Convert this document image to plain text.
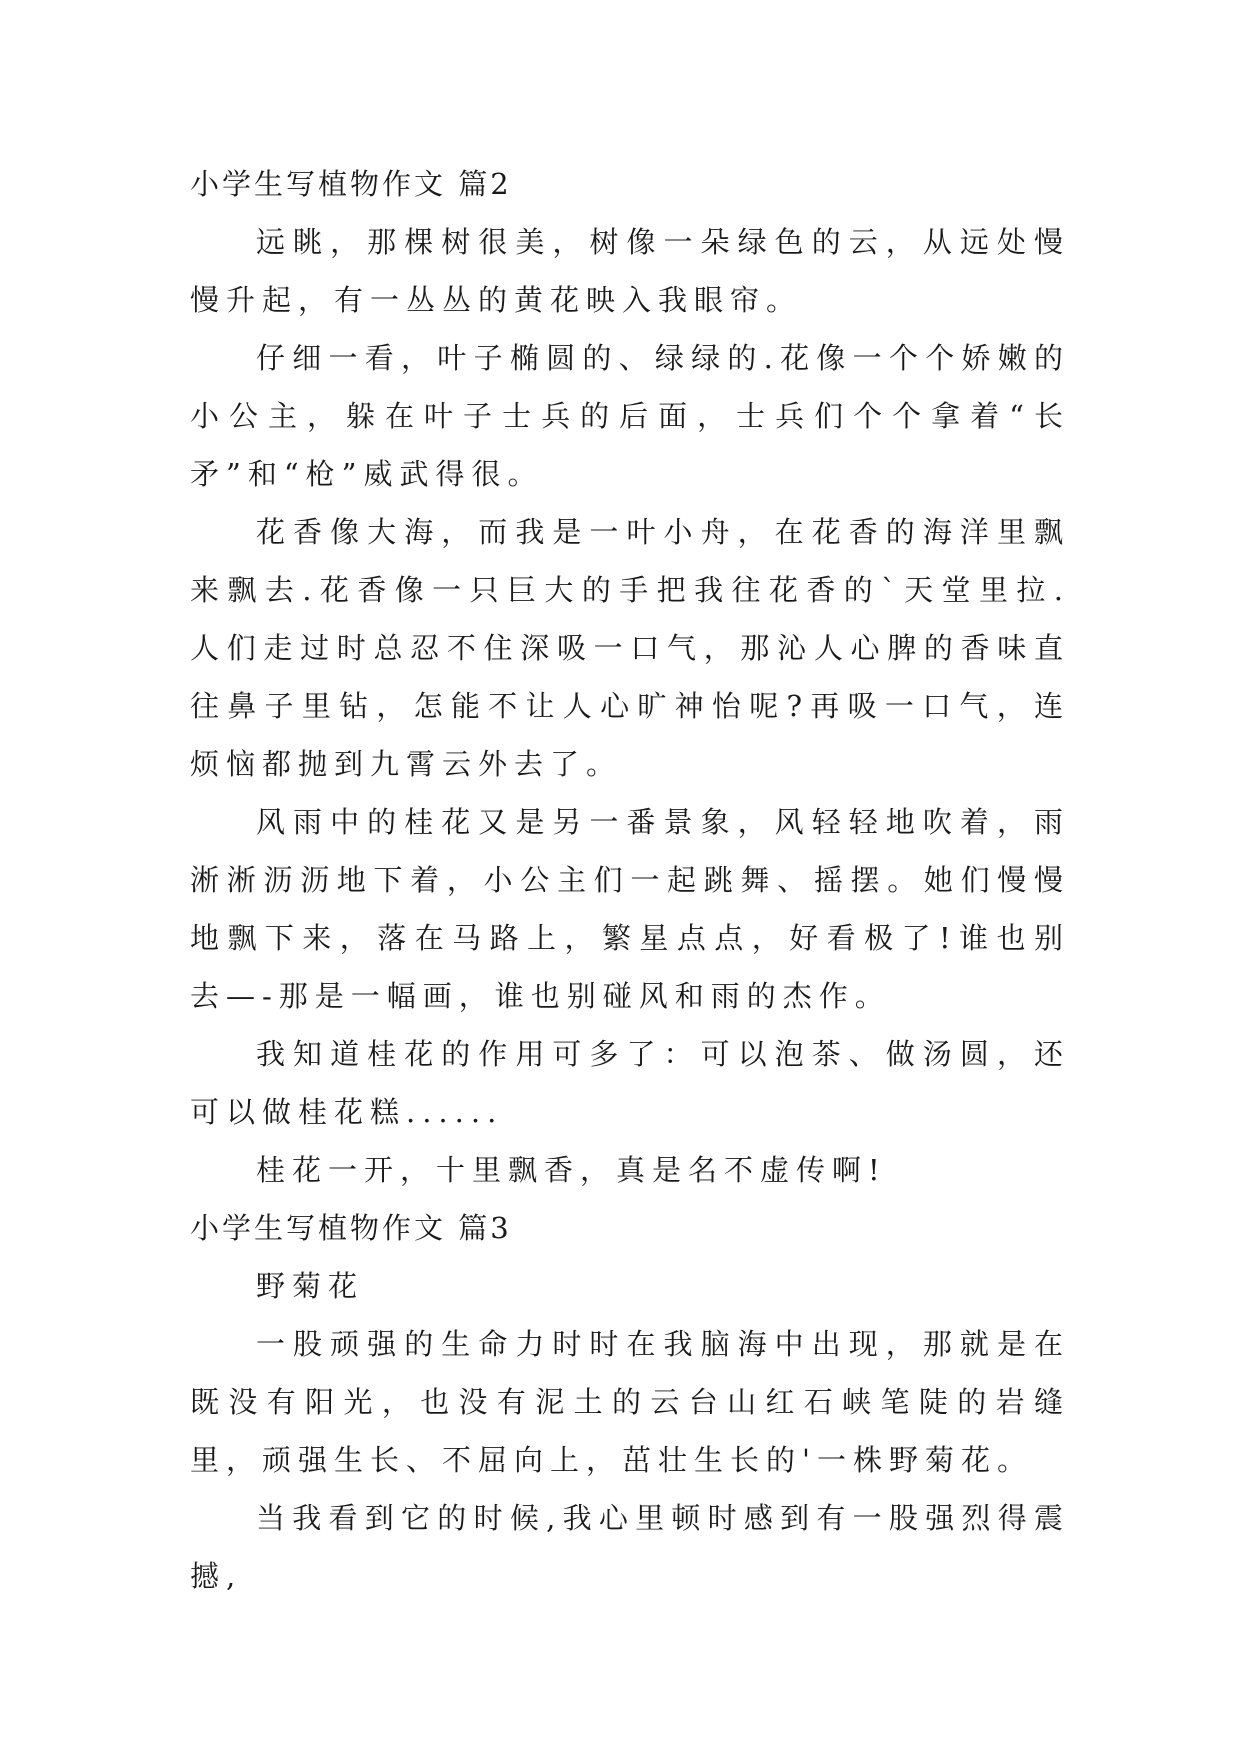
小学生写植物作文 篇2

远眺，那棵树很美，树像一朵绿色的云，从远处慢慢升起，有一丛丛的黄花映入我眼帘。

仔细一看，叶子椭圆的、绿绿的.花像一个个娇嫩的小公主，躲在叶子士兵的后面，士兵们个个拿着“长矛”和“枪”威武得很。

花香像大海，而我是一叶小舟，在花香的海洋里飘来飘去.花香像一只巨大的手把我往花香的`天堂里拉.人们走过时总忍不住深吸一口气，那沁人心脾的香味直往鼻子里钻，怎能不让人心旷神怡呢?再吸一口气，连烦恼都抛到九霄云外去了。

风雨中的桂花又是另一番景象，风轻轻地吹着，雨淅淅沥沥地下着，小公主们一起跳舞、摇摆。她们慢慢地飘下来，落在马路上，繁星点点，好看极了!谁也别去—-那是一幅画，谁也别碰风和雨的杰作。

我知道桂花的作用可多了：可以泡茶、做汤圆，还可以做桂花糕......

桂花一开，十里飘香，真是名不虚传啊!

小学生写植物作文 篇3

野菊花

一股顽强的生命力时时在我脑海中出现，那就是在既没有阳光，也没有泥土的云台山红石峡笔陡的岩缝里，顽强生长、不屈向上，茁壮生长的'一株野菊花。

当我看到它的时候,我心里顿时感到有一股强烈得震撼,
